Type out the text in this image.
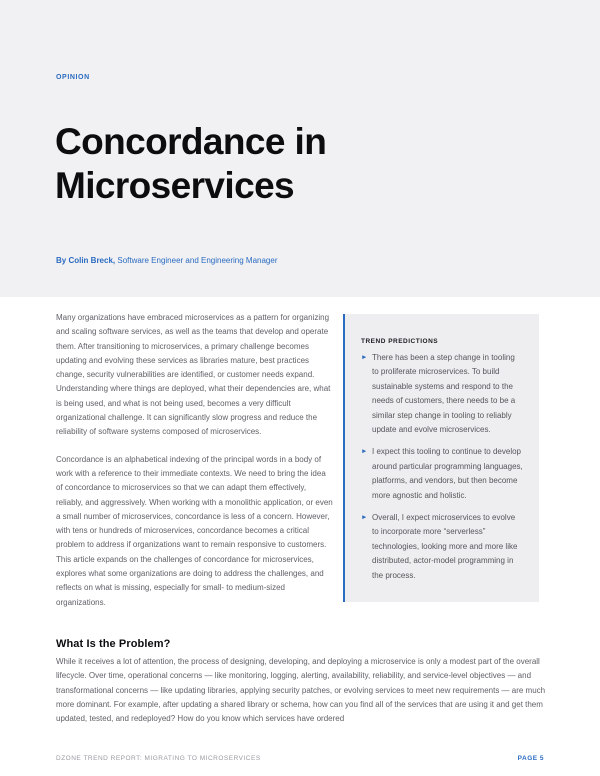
OPINION
Concordance in
Microservices
By Colin Breck, Software Engineer and Engineering Manager

Many organizations have embraced microservices as a pattern for organizing and scaling software services, as well as the teams that develop and operate them. After transitioning to microservices, a primary challenge becomes updating and evolving these services as libraries mature, best practices change, security vulnerabilities are identified, or customer needs expand. Understanding where things are deployed, what their dependencies are, what is being used, and what is not being used, becomes a very difficult organizational challenge. It can significantly slow progress and reduce the reliability of software systems composed of microservices.

Concordance is an alphabetical indexing of the principal words in a body of work with a reference to their immediate contexts. We need to bring the idea of concordance to microservices so that we can adapt them effectively, reliably, and aggressively. When working with a monolithic application, or even a small number of microservices, concordance is less of a concern. However, with tens or hundreds of microservices, concordance becomes a critical problem to address if organizations want to remain responsive to customers. This article expands on the challenges of concordance for microservices, explores what some organizations are doing to address the challenges, and reflects on what is missing, especially for small- to medium-sized organizations.

TREND PREDICTIONS
► There has been a step change in tooling to proliferate microservices. To build sustainable systems and respond to the needs of customers, there needs to be a similar step change in tooling to reliably update and evolve microservices.
► I expect this tooling to continue to develop around particular programming languages, platforms, and vendors, but then become more agnostic and holistic.
► Overall, I expect microservices to evolve to incorporate more “serverless” technologies, looking more and more like distributed, actor-model programming in the process.
What Is the Problem?

While it receives a lot of attention, the process of designing, developing, and deploying a microservice is only a modest part of the overall lifecycle. Over time, operational concerns — like monitoring, logging, alerting, availability, reliability, and service-level objectives — and transformational concerns — like updating libraries, applying security patches, or evolving services to meet new requirements — are much more dominant. For example, after updating a shared library or schema, how can you find all of the services that are using it and get them updated, tested, and redeployed? How do you know which services have ordered

DZONE TREND REPORT: MIGRATING TO MICROSERVICES	PAGE 5
